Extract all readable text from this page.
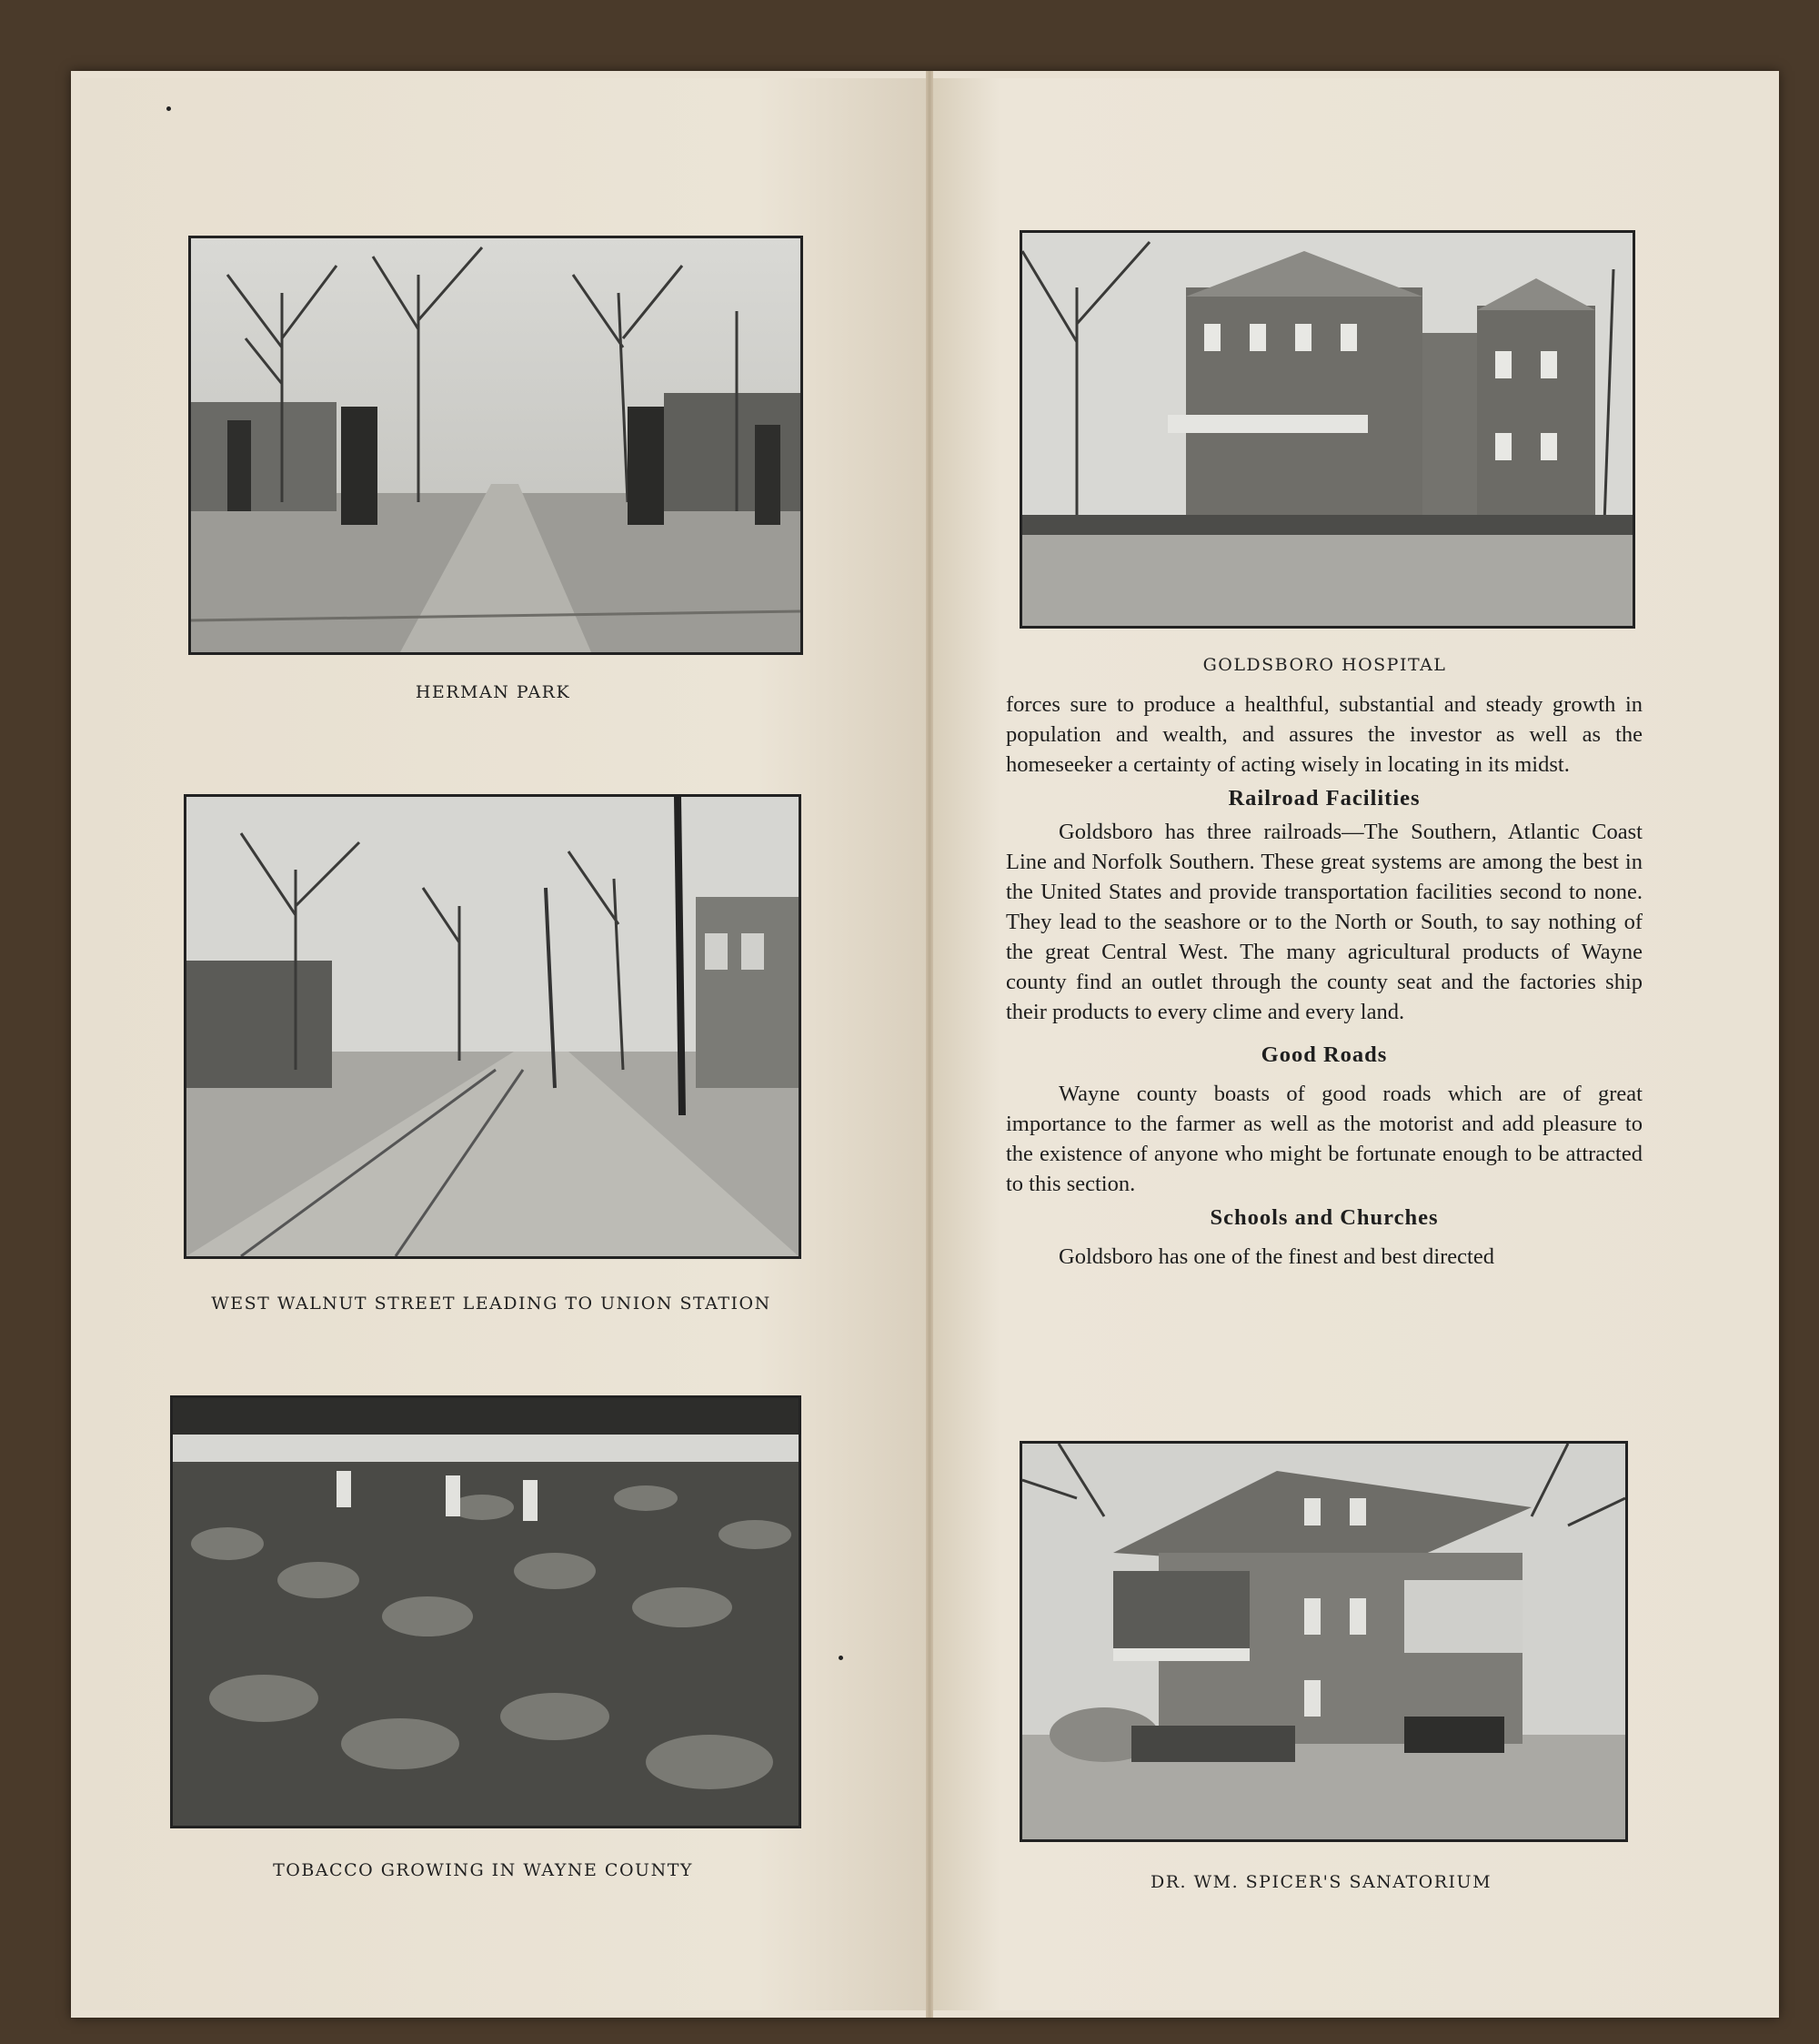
HERMAN PARK
WEST WALNUT STREET LEADING TO UNION STATION
TOBACCO GROWING IN WAYNE COUNTY
GOLDSBORO HOSPITAL

forces sure to produce a healthful, substantial and steady growth in population and wealth, and assures the investor as well as the homeseeker a certainty of acting wisely in locating in its midst.

Railroad Facilities

Goldsboro has three railroads—The Southern, Atlantic Coast Line and Norfolk Southern. These great systems are among the best in the United States and provide transportation facilities second to none. They lead to the seashore or to the North or South, to say nothing of the great Central West. The many agricultural products of Wayne county find an outlet through the county seat and the factories ship their products to every clime and every land.

Good Roads

Wayne county boasts of good roads which are of great importance to the farmer as well as the motorist and add pleasure to the existence of anyone who might be fortunate enough to be attracted to this section.

Schools and Churches

Goldsboro has one of the finest and best directed

DR. WM. SPICER'S SANATORIUM
